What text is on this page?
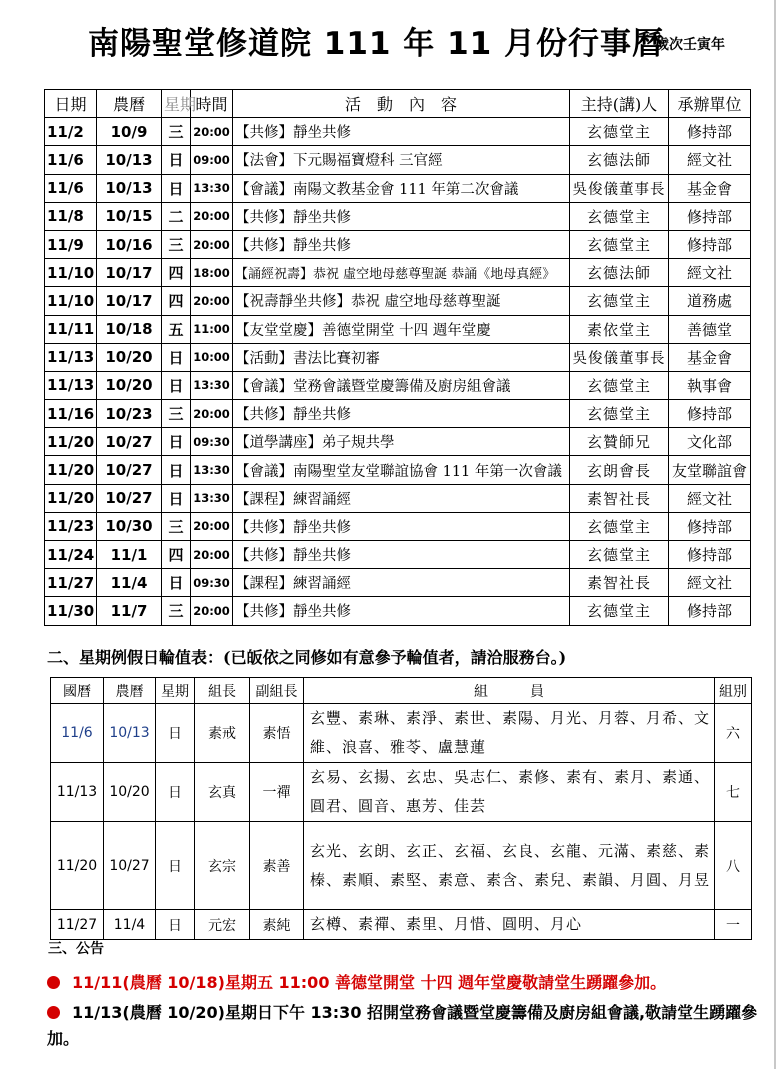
南陽聖堂修道院 111 年 11 月份行事曆
歲次壬寅年
日期	農曆	星期	時間	活　動　內　容	主持(講)人	承辦單位
11/2	10/9	三	20:00	【共修】靜坐共修	玄德堂主	修持部
11/6	10/13	日	09:00	【法會】下元賜福寶燈科 三官經	玄德法師	經文社
11/6	10/13	日	13:30	【會議】南陽文教基金會 111 年第二次會議	吳俊儀董事長	基金會
11/8	10/15	二	20:00	【共修】靜坐共修	玄德堂主	修持部
11/9	10/16	三	20:00	【共修】靜坐共修	玄德堂主	修持部
11/10	10/17	四	18:00	【誦經祝壽】恭祝 虛空地母慈尊聖誕 恭誦《地母真經》	玄德法師	經文社
11/10	10/17	四	20:00	【祝壽靜坐共修】恭祝 虛空地母慈尊聖誕	玄德堂主	道務處
11/11	10/18	五	11:00	【友堂堂慶】善德堂開堂 十四 週年堂慶	素依堂主	善德堂
11/13	10/20	日	10:00	【活動】書法比賽初審	吳俊儀董事長	基金會
11/13	10/20	日	13:30	【會議】堂務會議暨堂慶籌備及廚房組會議	玄德堂主	執事會
11/16	10/23	三	20:00	【共修】靜坐共修	玄德堂主	修持部
11/20	10/27	日	09:30	【道學講座】弟子規共學	玄贊師兄	文化部
11/20	10/27	日	13:30	【會議】南陽聖堂友堂聯誼協會 111 年第一次會議	玄朗會長	友堂聯誼會
11/20	10/27	日	13:30	【課程】練習誦經	素智社長	經文社
11/23	10/30	三	20:00	【共修】靜坐共修	玄德堂主	修持部
11/24	11/1	四	20:00	【共修】靜坐共修	玄德堂主	修持部
11/27	11/4	日	09:30	【課程】練習誦經	素智社長	經文社
11/30	11/7	三	20:00	【共修】靜坐共修	玄德堂主	修持部
二、星期例假日輪值表：(已皈依之同修如有意參予輪值者，請洽服務台。)
國曆	農曆	星期	組長	副組長	組　　　員	組別
11/6	10/13	日	素戒	素悟	玄豐、素琳、素淨、素世、素陽、月光、月蓉、月希、文維、浪喜、雅苓、盧慧蓮	六
11/13	10/20	日	玄真	一禪	玄易、玄揚、玄忠、吳志仁、素修、素有、素月、素通、圓君、圓音、惠芳、佳芸	七
11/20	10/27	日	玄宗	素善	玄光、玄朗、玄正、玄福、玄良、玄龍、元滿、素慈、素榛、素順、素堅、素意、素含、素兒、素韻、月圓、月昱	八
11/27	11/4	日	元宏	素純	玄樽、素禪、素里、月惜、圓明、月心	一
三、公告
11/11(農曆 10/18)星期五 11:00 善德堂開堂 十四 週年堂慶敬請堂生踴躍參加。
11/13(農曆 10/20)星期日下午 13:30 招開堂務會議暨堂慶籌備及廚房組會議,敬請堂生踴躍參加。
